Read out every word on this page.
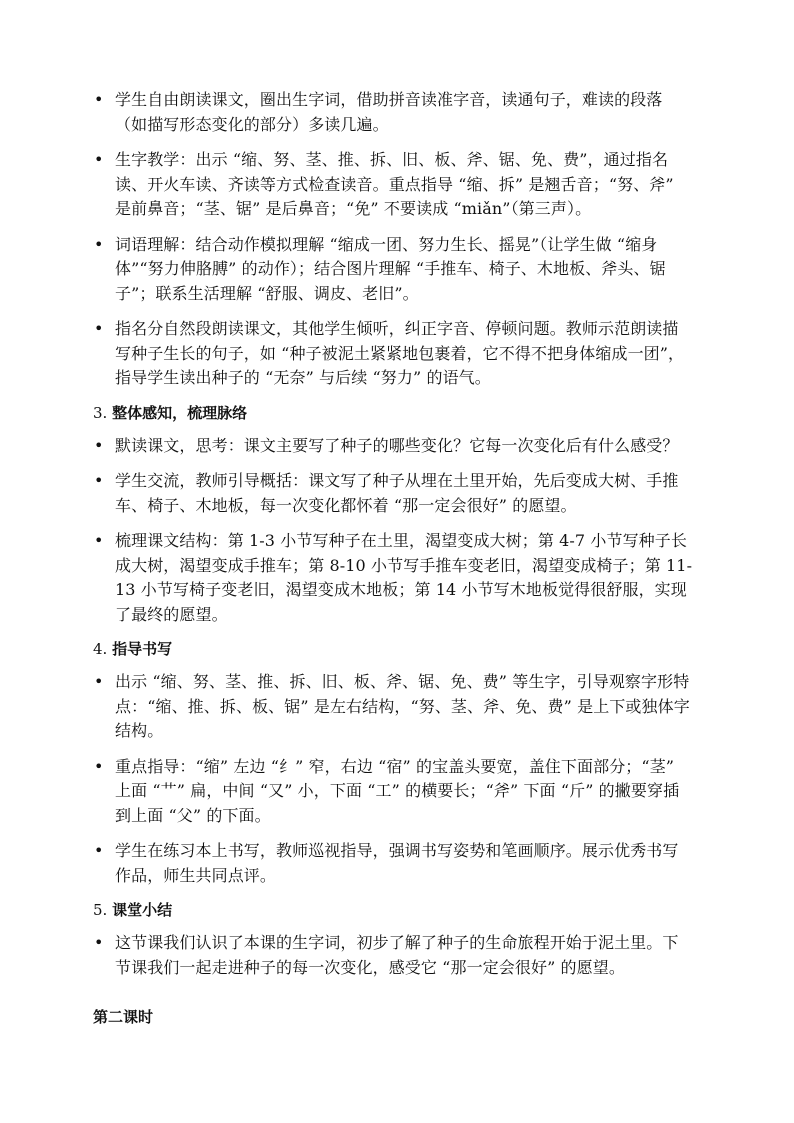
• 学生自由朗读课文，圈出生字词，借助拼音读准字音，读通句子，难读的段落（如描写形态变化的部分）多读几遍。
• 生字教学：出示 “缩、努、茎、推、拆、旧、板、斧、锯、免、费”，通过指名读、开火车读、齐读等方式检查读音。重点指导 “缩、拆” 是翘舌音；“努、斧” 是前鼻音；“茎、锯” 是后鼻音；“免” 不要读成 “miǎn”（第三声）。
• 词语理解：结合动作模拟理解 “缩成一团、努力生长、摇晃”（让学生做 “缩身体”“努力伸胳膊” 的动作）；结合图片理解 “手推车、椅子、木地板、斧头、锯子”；联系生活理解 “舒服、调皮、老旧”。
• 指名分自然段朗读课文，其他学生倾听，纠正字音、停顿问题。教师示范朗读描写种子生长的句子，如 “种子被泥土紧紧地包裹着，它不得不把身体缩成一团”，指导学生读出种子的 “无奈” 与后续 “努力” 的语气。
3. 整体感知，梳理脉络
• 默读课文，思考：课文主要写了种子的哪些变化？它每一次变化后有什么感受？
• 学生交流，教师引导概括：课文写了种子从埋在土里开始，先后变成大树、手推车、椅子、木地板，每一次变化都怀着 “那一定会很好” 的愿望。
• 梳理课文结构：第 1-3 小节写种子在土里，渴望变成大树；第 4-7 小节写种子长成大树，渴望变成手推车；第 8-10 小节写手推车变老旧，渴望变成椅子；第 11-13 小节写椅子变老旧，渴望变成木地板；第 14 小节写木地板觉得很舒服，实现了最终的愿望。
4. 指导书写
• 出示 “缩、努、茎、推、拆、旧、板、斧、锯、免、费” 等生字，引导观察字形特点：“缩、推、拆、板、锯” 是左右结构，“努、茎、斧、免、费” 是上下或独体字结构。
• 重点指导：“缩” 左边 “纟” 窄，右边 “宿” 的宝盖头要宽，盖住下面部分；“茎” 上面 “艹” 扁，中间 “又” 小，下面 “工” 的横要长；“斧” 下面 “斤” 的撇要穿插到上面 “父” 的下面。
• 学生在练习本上书写，教师巡视指导，强调书写姿势和笔画顺序。展示优秀书写作品，师生共同点评。
5. 课堂小结
• 这节课我们认识了本课的生字词，初步了解了种子的生命旅程开始于泥土里。下节课我们一起走进种子的每一次变化，感受它 “那一定会很好” 的愿望。
第二课时
